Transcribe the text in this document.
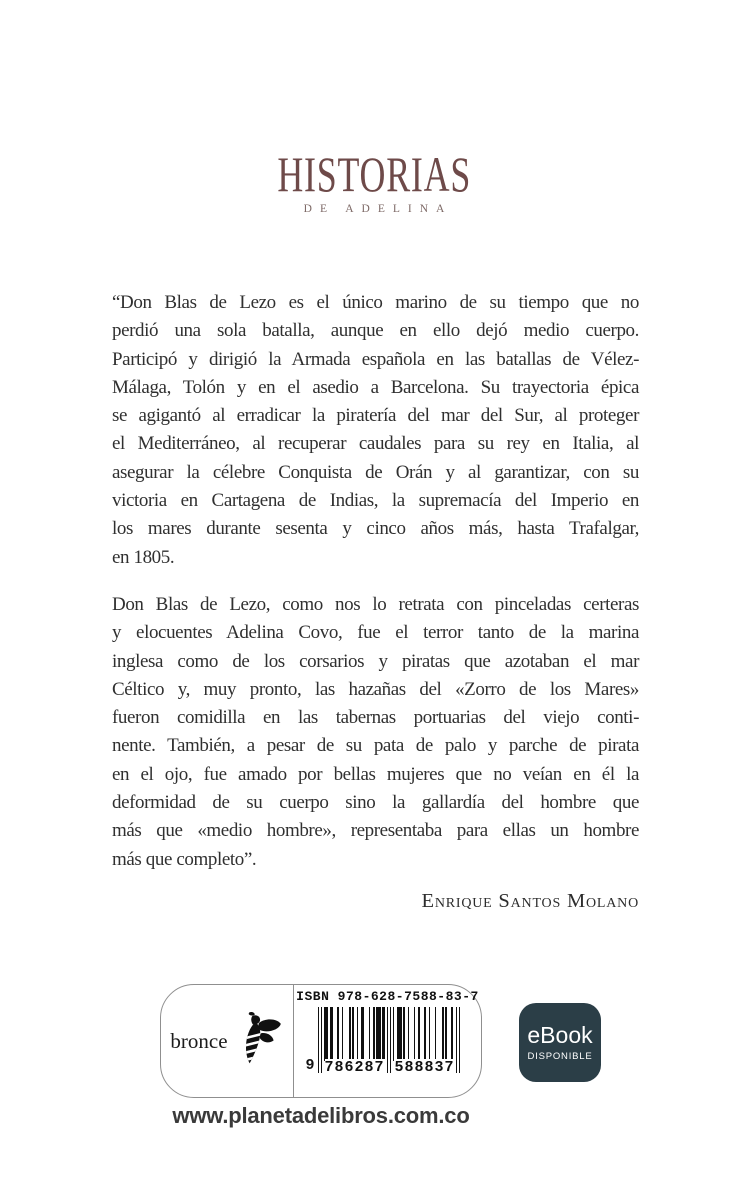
HISTORIAS
DE ADELINA
“Don Blas de Lezo es el único marino de su tiempo que no
perdió una sola batalla, aunque en ello dejó medio cuerpo.
Participó y dirigió la Armada española en las batallas de Vélez-
Málaga, Tolón y en el asedio a Barcelona. Su trayectoria épica
se agigantó al erradicar la piratería del mar del Sur, al proteger
el Mediterráneo, al recuperar caudales para su rey en Italia, al
asegurar la célebre Conquista de Orán y al garantizar, con su
victoria en Cartagena de Indias, la supremacía del Imperio en
los mares durante sesenta y cinco años más, hasta Trafalgar,
en 1805.
Don Blas de Lezo, como nos lo retrata con pinceladas certeras
y elocuentes Adelina Covo, fue el terror tanto de la marina
inglesa como de los corsarios y piratas que azotaban el mar
Céltico y, muy pronto, las hazañas del «Zorro de los Mares»
fueron comidilla en las tabernas portuarias del viejo conti-
nente. También, a pesar de su pata de palo y parche de pirata
en el ojo, fue amado por bellas mujeres que no veían en él la
deformidad de su cuerpo sino la gallardía del hombre que
más que «medio hombre», representaba para ellas un hombre
más que completo”.
Enrique Santos Molano
bronce
ISBN 978-628-7588-83-7
9 786287 588837
eBook
DISPONIBLE
www.planetadelibros.com.co
